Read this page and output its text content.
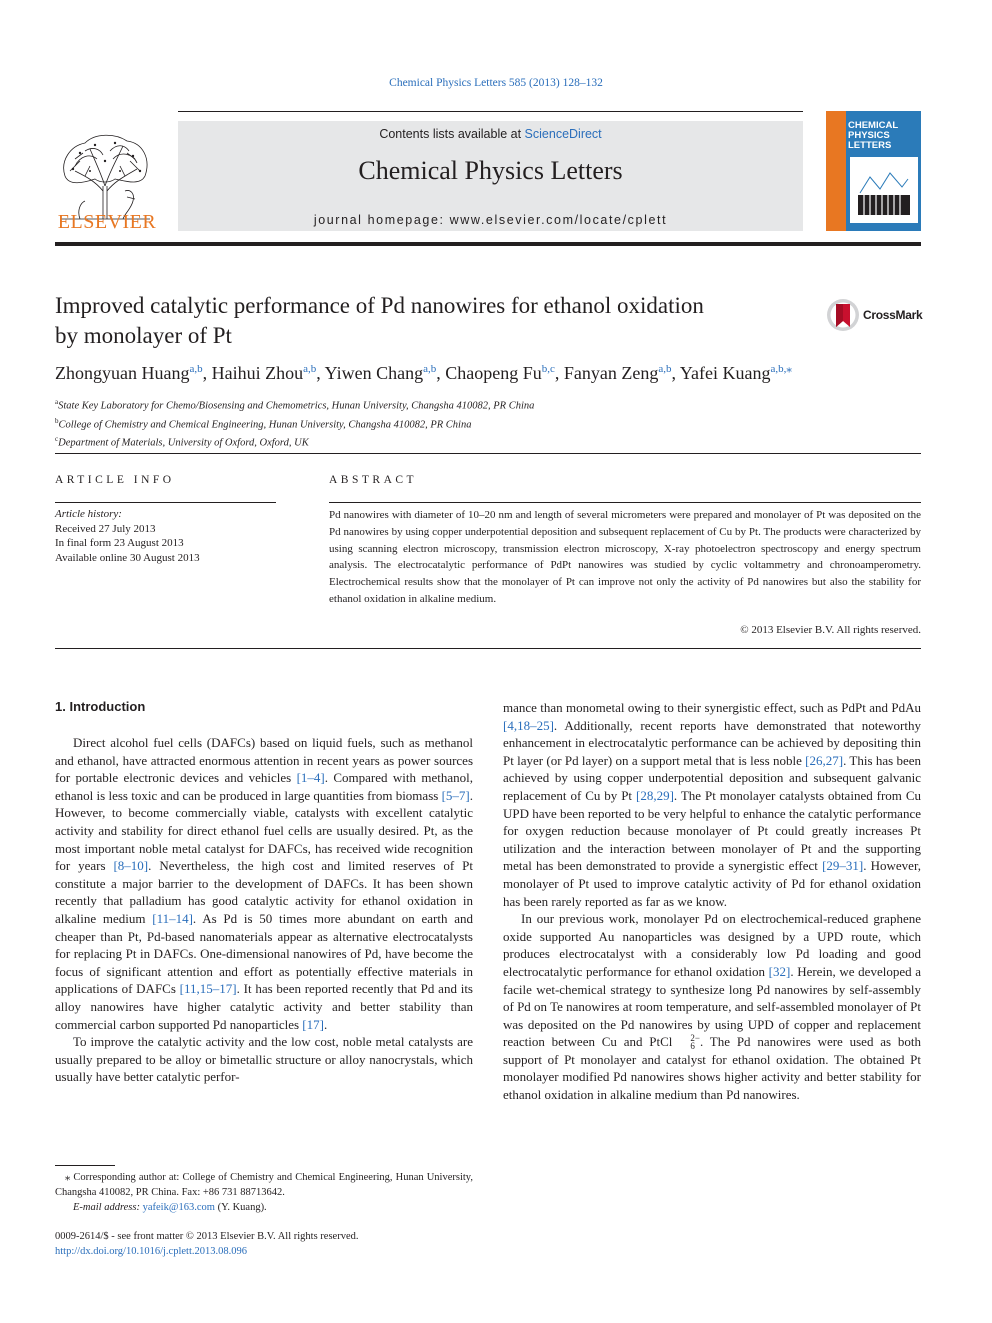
Chemical Physics Letters 585 (2013) 128–132
ELSEVIER
Contents lists available at ScienceDirect
Chemical Physics Letters
journal homepage: www.elsevier.com/locate/cplett
CHEMICAL
PHYSICS
LETTERS
Improved catalytic performance of Pd nanowires for ethanol oxidation
by monolayer of Pt
CrossMark
Zhongyuan Huang$^{a,b}$, Haihui Zhou$^{a,b}$, Yiwen Chang$^{a,b}$, Chaopeng Fu$^{b,c}$, Fanyan Zeng$^{a,b}$, Yafei Kuang$^{a,b,⁎}$
$^a$State Key Laboratory for Chemo/Biosensing and Chemometrics, Hunan University, Changsha 410082, PR China
$^b$College of Chemistry and Chemical Engineering, Hunan University, Changsha 410082, PR China
$^c$Department of Materials, University of Oxford, Oxford, UK
ARTICLE INFO
Article history:
Received 27 July 2013
In final form 23 August 2013
Available online 30 August 2013
ABSTRACT
Pd nanowires with diameter of 10–20 nm and length of several micrometers were prepared and monolayer of Pt was deposited on the Pd nanowires by using copper underpotential deposition and subsequent replacement of Cu by Pt. The products were characterized by using scanning electron microscopy, transmission electron microscopy, X-ray photoelectron spectroscopy and energy spectrum analysis. The electrocatalytic performance of PdPt nanowires was studied by cyclic voltammetry and chronoamperometry. Electrochemical results show that the monolayer of Pt can improve not only the activity of Pd nanowires but also the stability for ethanol oxidation in alkaline medium.
© 2013 Elsevier B.V. All rights reserved.
1. Introduction

Direct alcohol fuel cells (DAFCs) based on liquid fuels, such as methanol and ethanol, have attracted enormous attention in recent years as power sources for portable electronic devices and vehicles [1–4]. Compared with methanol, ethanol is less toxic and can be produced in large quantities from biomass [5–7]. However, to become commercially viable, catalysts with excellent catalytic activity and stability for direct ethanol fuel cells are usually desired. Pt, as the most important noble metal catalyst for DAFCs, has received wide recognition for years [8–10]. Nevertheless, the high cost and limited reserves of Pt constitute a major barrier to the development of DAFCs. It has been shown recently that palladium has good catalytic activity for ethanol oxidation in alkaline medium [11–14]. As Pd is 50 times more abundant on earth and cheaper than Pt, Pd-based nanomaterials appear as alternative electrocatalysts for replacing Pt in DAFCs. One-dimensional nanowires of Pd, have become the focus of significant attention and effort as potentially effective materials in applications of DAFCs [11,15–17]. It has been reported recently that Pd and its alloy nanowires have higher catalytic activity and better stability than commercial carbon supported Pd nanoparticles [17].

To improve the catalytic activity and the low cost, noble metal catalysts are usually prepared to be alloy or bimetallic structure or alloy nanocrystals, which usually have better catalytic perfor-

⁎ Corresponding author at: College of Chemistry and Chemical Engineering, Hunan University, Changsha 410082, PR China. Fax: +86 731 88713642.
E-mail address: yafeik@163.com (Y. Kuang).
0009-2614/$ - see front matter © 2013 Elsevier B.V. All rights reserved.
http://dx.doi.org/10.1016/j.cplett.2013.08.096

mance than monometal owing to their synergistic effect, such as PdPt and PdAu [4,18–25]. Additionally, recent reports have demonstrated that noteworthy enhancement in electrocatalytic performance can be achieved by depositing thin Pt layer (or Pd layer) on a support metal that is less noble [26,27]. This has been achieved by using copper underpotential deposition and subsequent galvanic replacement of Cu by Pt [28,29]. The Pt monolayer catalysts obtained from Cu UPD have been reported to be very helpful to enhance the catalytic performance for oxygen reduction because monolayer of Pt could greatly increases Pt utilization and the interaction between monolayer of Pt and the supporting metal has been demonstrated to provide a synergistic effect [29–31]. However, monolayer of Pt used to improve catalytic activity of Pd for ethanol oxidation has been rarely reported as far as we know.

In our previous work, monolayer Pd on electrochemical-reduced graphene oxide supported Au nanoparticles was designed by a UPD route, which produces electrocatalyst with a considerably low Pd loading and good electrocatalytic performance for ethanol oxidation [32]. Herein, we developed a facile wet-chemical strategy to synthesize long Pd nanowires by self-assembly of Pd on Te nanowires at room temperature, and self-assembled monolayer of Pt was deposited on the Pd nanowires by using UPD of copper and replacement reaction between Cu and PtCl	2−
6 . The Pd nanowires were used as both support of Pt monolayer and catalyst for ethanol oxidation. The obtained Pt monolayer modified Pd nanowires shows higher activity and better stability for ethanol oxidation in alkaline medium than Pd nanowires.
